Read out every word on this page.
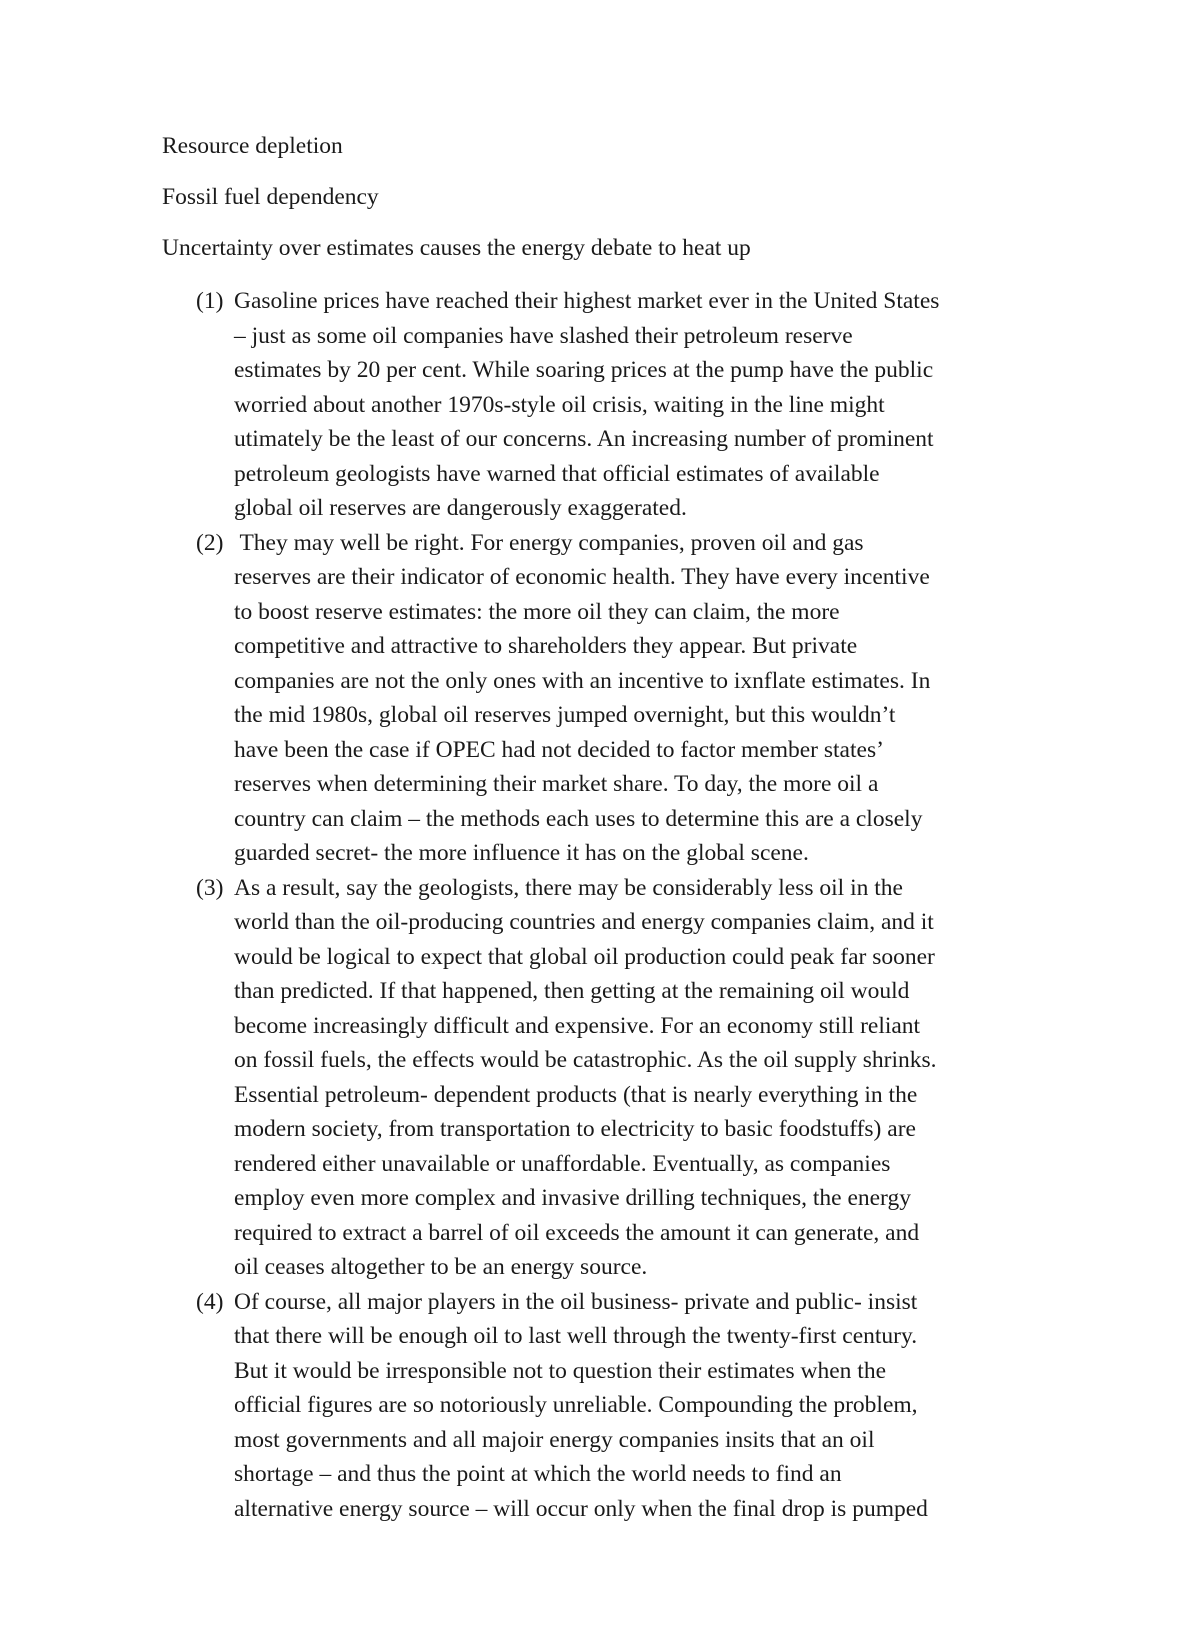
Resource depletion
Fossil fuel dependency
Uncertainty over estimates causes the energy debate to heat up
(1) Gasoline prices have reached their highest market ever in the United States
– just as some oil companies have slashed their petroleum reserve
estimates by 20 per cent. While soaring prices at the pump have the public
worried about another 1970s-style oil crisis, waiting in the line might
utimately be the least of our concerns. An increasing number of prominent
petroleum geologists have warned that official estimates of available
global oil reserves are dangerously exaggerated.
(2) They may well be right. For energy companies, proven oil and gas
reserves are their indicator of economic health. They have every incentive
to boost reserve estimates: the more oil they can claim, the more
competitive and attractive to shareholders they appear. But private
companies are not the only ones with an incentive to ixnflate estimates. In
the mid 1980s, global oil reserves jumped overnight, but this wouldn’t
have been the case if OPEC had not decided to factor member states’
reserves when determining their market share. To day, the more oil a
country can claim – the methods each uses to determine this are a closely
guarded secret- the more influence it has on the global scene.
(3) As a result, say the geologists, there may be considerably less oil in the
world than the oil-producing countries and energy companies claim, and it
would be logical to expect that global oil production could peak far sooner
than predicted. If that happened, then getting at the remaining oil would
become increasingly difficult and expensive. For an economy still reliant
on fossil fuels, the effects would be catastrophic. As the oil supply shrinks.
Essential petroleum- dependent products (that is nearly everything in the
modern society, from transportation to electricity to basic foodstuffs) are
rendered either unavailable or unaffordable. Eventually, as companies
employ even more complex and invasive drilling techniques, the energy
required to extract a barrel of oil exceeds the amount it can generate, and
oil ceases altogether to be an energy source.
(4) Of course, all major players in the oil business- private and public- insist
that there will be enough oil to last well through the twenty-first century.
But it would be irresponsible not to question their estimates when the
official figures are so notoriously unreliable. Compounding the problem,
most governments and all majoir energy companies insits that an oil
shortage – and thus the point at which the world needs to find an
alternative energy source – will occur only when the final drop is pumped
